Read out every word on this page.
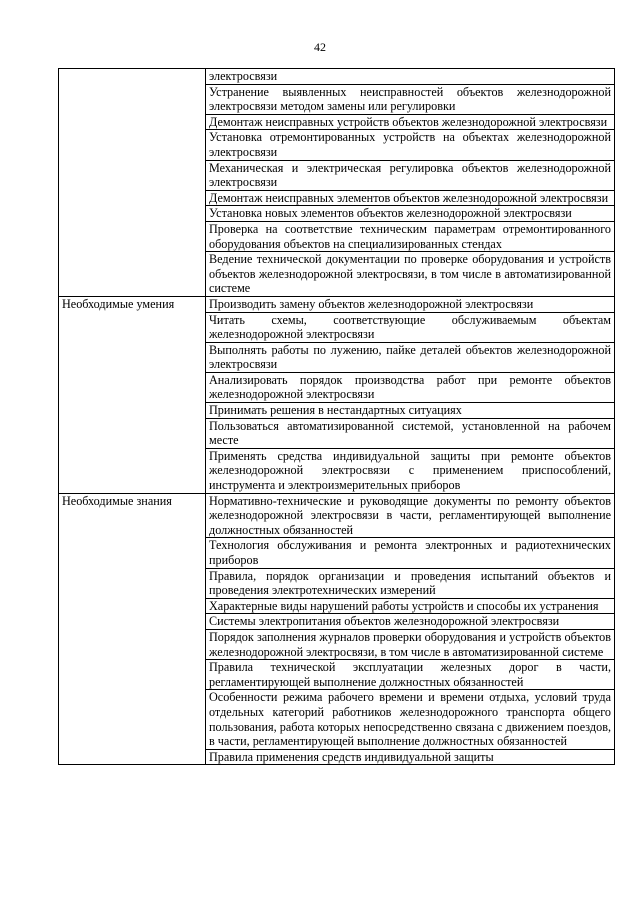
42
	электросвязи
	Устранение выявленных неисправностей объектов железнодорожной электросвязи методом замены или регулировки
	Демонтаж неисправных устройств объектов железнодорожной электросвязи
	Установка отремонтированных устройств на объектах железнодорожной электросвязи
	Механическая и электрическая регулировка объектов железнодорожной электросвязи
	Демонтаж неисправных элементов объектов железнодорожной электросвязи
	Установка новых элементов объектов железнодорожной электросвязи
	Проверка на соответствие техническим параметрам отремонтированного оборудования объектов на специализированных стендах
	Ведение технической документации по проверке оборудования и устройств объектов железнодорожной электросвязи, в том числе в автоматизированной системе
Необходимые умения	Производить замену объектов железнодорожной электросвязи
	Читать схемы, соответствующие обслуживаемым объектам железнодорожной электросвязи
	Выполнять работы по лужению, пайке деталей объектов железнодорожной электросвязи
	Анализировать порядок производства работ при ремонте объектов железнодорожной электросвязи
	Принимать решения в нестандартных ситуациях
	Пользоваться автоматизированной системой, установленной на рабочем месте
	Применять средства индивидуальной защиты при ремонте объектов железнодорожной электросвязи с применением приспособлений, инструмента и электроизмерительных приборов
Необходимые знания	Нормативно-технические и руководящие документы по ремонту объектов железнодорожной электросвязи в части, регламентирующей выполнение должностных обязанностей
	Технология обслуживания и ремонта электронных и радиотехнических приборов
	Правила, порядок организации и проведения испытаний объектов и проведения электротехнических измерений
	Характерные виды нарушений работы устройств и способы их устранения
	Системы электропитания объектов железнодорожной электросвязи
	Порядок заполнения журналов проверки оборудования и устройств объектов железнодорожной электросвязи, в том числе в автоматизированной системе
	Правила технической эксплуатации железных дорог в части, регламентирующей выполнение должностных обязанностей
	Особенности режима рабочего времени и времени отдыха, условий труда отдельных категорий работников железнодорожного транспорта общего пользования, работа которых непосредственно связана с движением поездов, в части, регламентирующей выполнение должностных обязанностей
	Правила применения средств индивидуальной защиты
